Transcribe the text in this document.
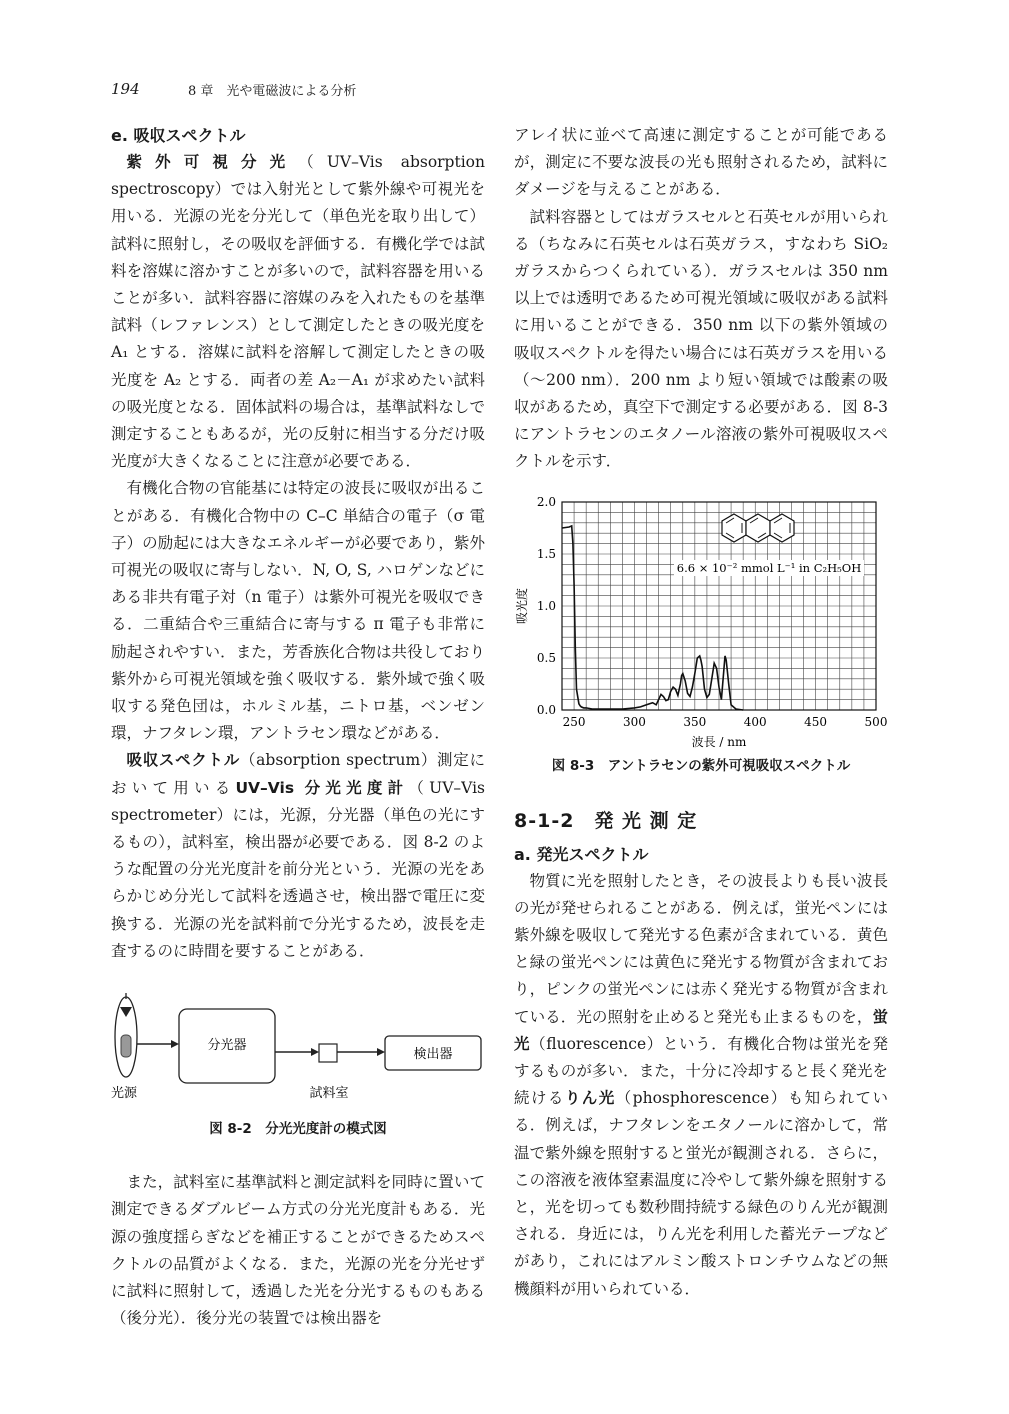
194	8 章　光や電磁波による分析

e. 吸収スペクトル

紫外可視分光（UV–Vis absorption spectroscopy）では入射光として紫外線や可視光を用いる．光源の光を分光して（単色光を取り出して）試料に照射し，その吸収を評価する．有機化学では試料を溶媒に溶かすことが多いので，試料容器を用いることが多い．試料容器に溶媒のみを入れたものを基準試料（レファレンス）として測定したときの吸光度を A₁ とする．溶媒に試料を溶解して測定したときの吸光度を A₂ とする．両者の差 A₂－A₁ が求めたい試料の吸光度となる．固体試料の場合は，基準試料なしで測定することもあるが，光の反射に相当する分だけ吸光度が大きくなることに注意が必要である．

有機化合物の官能基には特定の波長に吸収が出ることがある．有機化合物中の C–C 単結合の電子（σ 電子）の励起には大きなエネルギーが必要であり，紫外可視光の吸収に寄与しない．N, O, S, ハロゲンなどにある非共有電子対（n 電子）は紫外可視光を吸収できる．二重結合や三重結合に寄与する π 電子も非常に励起されやすい．また，芳香族化合物は共役しており紫外から可視光領域を強く吸収する．紫外域で強く吸収する発色団は，ホルミル基，ニトロ基，ベンゼン環，ナフタレン環，アントラセン環などがある．

吸収スペクトル（absorption spectrum）測定において用いるUV–Vis 分光光度計（UV–Vis spectrometer）には，光源，分光器（単色の光にするもの），試料室，検出器が必要である．図 8-2 のような配置の分光光度計を前分光という．光源の光をあらかじめ分光して試料を透過させ，検出器で電圧に変換する．光源の光を試料前で分光するため，波長を走査するのに時間を要することがある．

分光器
検出器
光源	試料室
図 8-2　分光光度計の模式図

また，試料室に基準試料と測定試料を同時に置いて測定できるダブルビーム方式の分光光度計もある．光源の強度揺らぎなどを補正することができるためスペクトルの品質がよくなる．また，光源の光を分光せずに試料に照射して，透過した光を分光するものもある（後分光）．後分光の装置では検出器を

アレイ状に並べて高速に測定することが可能であるが，測定に不要な波長の光も照射されるため，試料にダメージを与えることがある．

試料容器としてはガラスセルと石英セルが用いられる（ちなみに石英セルは石英ガラス，すなわち SiO₂ ガラスからつくられている）．ガラスセルは 350 nm 以上では透明であるため可視光領域に吸収がある試料に用いることができる．350 nm 以下の紫外領域の吸収スペクトルを得たい場合には石英ガラスを用いる（～200 nm）．200 nm より短い領域では酸素の吸収があるため，真空下で測定する必要がある．図 8-3 にアントラセンのエタノール溶液の紫外可視吸収スペクトルを示す．

250	300	350	400	450	500
0.0
0.5
1.0
1.5
2.0
吸光度
波長 / nm
6.6 × 10⁻² mmol L⁻¹ in C₂H₅OH
図 8-3　アントラセンの紫外可視吸収スペクトル
8-1-2　発 光 測 定

a. 発光スペクトル

物質に光を照射したとき，その波長よりも長い波長の光が発せられることがある．例えば，蛍光ペンには紫外線を吸収して発光する色素が含まれている．黄色と緑の蛍光ペンには黄色に発光する物質が含まれており，ピンクの蛍光ペンには赤く発光する物質が含まれている．光の照射を止めると発光も止まるものを，蛍光（fluorescence）という．有機化合物は蛍光を発するものが多い．また，十分に冷却すると長く発光を続けるりん光（phosphorescence）も知られている．例えば，ナフタレンをエタノールに溶かして，常温で紫外線を照射すると蛍光が観測される．さらに，この溶液を液体窒素温度に冷やして紫外線を照射すると，光を切っても数秒間持続する緑色のりん光が観測される．身近には，りん光を利用した蓄光テープなどがあり，これにはアルミン酸ストロンチウムなどの無機顔料が用いられている．
